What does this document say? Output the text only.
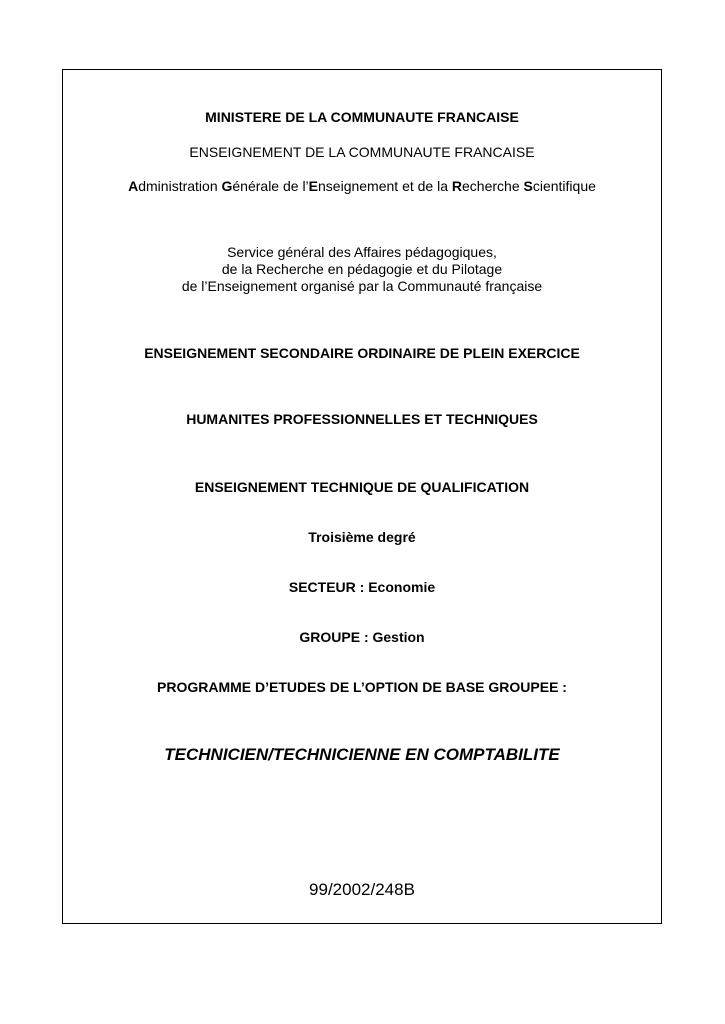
MINISTERE DE LA COMMUNAUTE FRANCAISE

ENSEIGNEMENT DE LA COMMUNAUTE FRANCAISE

Administration Générale de l’Enseignement et de la Recherche Scientifique

Service général des Affaires pédagogiques,

de la Recherche en pédagogie et du Pilotage

de l’Enseignement organisé par la Communauté française

ENSEIGNEMENT SECONDAIRE ORDINAIRE DE PLEIN EXERCICE

HUMANITES PROFESSIONNELLES ET TECHNIQUES

ENSEIGNEMENT TECHNIQUE DE QUALIFICATION

Troisième degré

SECTEUR : Economie

GROUPE : Gestion

PROGRAMME D’ETUDES DE L’OPTION DE BASE GROUPEE :

TECHNICIEN/TECHNICIENNE EN COMPTABILITE

99/2002/248B
